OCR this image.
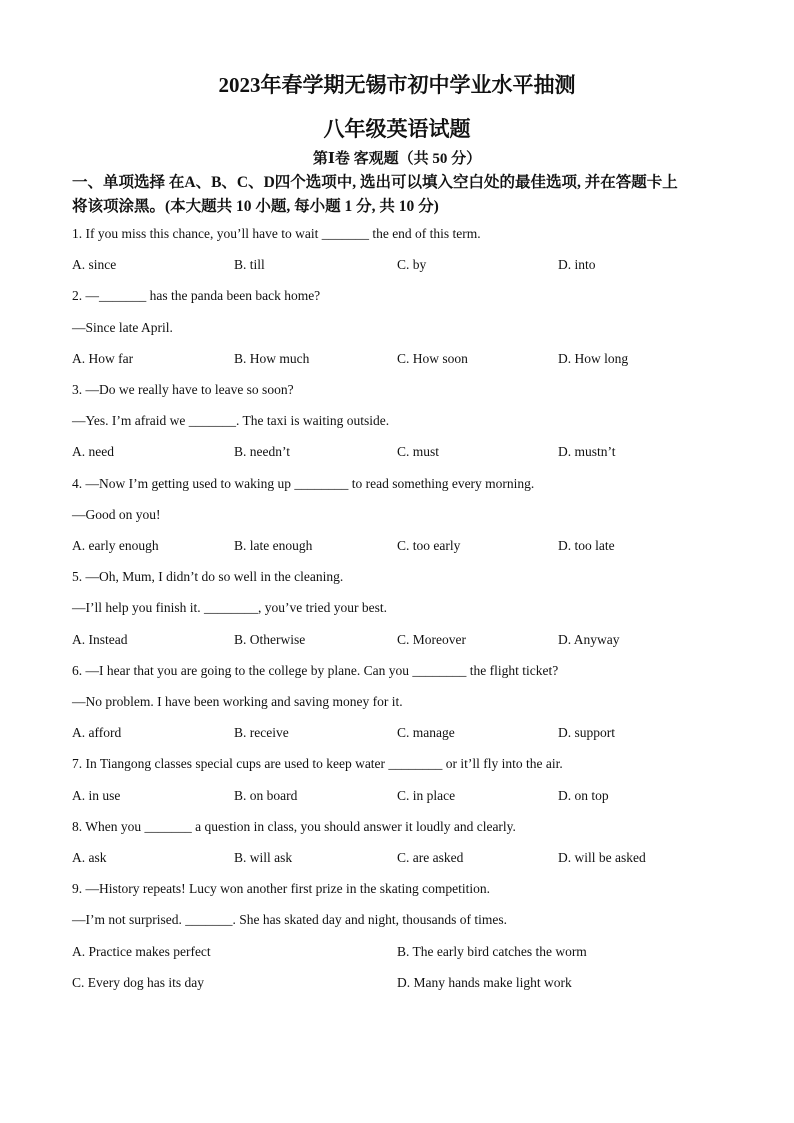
2023年春学期无锡市初中学业水平抽测
八年级英语试题
第Ⅰ卷 客观题（共 50 分）
一、单项选择 在A、B、C、D四个选项中, 选出可以填入空白处的最佳选项, 并在答题卡上
将该项涂黑。(本大题共 10 小题, 每小题 1 分, 共 10 分)
1. If you miss this chance, you’ll have to wait _______ the end of this term.
A. since	B. till	C. by	D. into
2. —_______ has the panda been back home?
—Since late April.
A. How far	B. How much	C. How soon	D. How long
3. —Do we really have to leave so soon?
—Yes. I’m afraid we _______. The taxi is waiting outside.
A. need	B. needn’t	C. must	D. mustn’t
4. —Now I’m getting used to waking up ________ to read something every morning.
—Good on you!
A. early enough	B. late enough	C. too early	D. too late
5. —Oh, Mum, I didn’t do so well in the cleaning.
—I’ll help you finish it. ________, you’ve tried your best.
A. Instead	B. Otherwise	C. Moreover	D. Anyway
6. —I hear that you are going to the college by plane. Can you ________ the flight ticket?
—No problem. I have been working and saving money for it.
A. afford	B. receive	C. manage	D. support
7. In Tiangong classes special cups are used to keep water ________ or it’ll fly into the air.
A. in use	B. on board	C. in place	D. on top
8. When you _______ a question in class, you should answer it loudly and clearly.
A. ask	B. will ask	C. are asked	D. will be asked
9. —History repeats! Lucy won another first prize in the skating competition.
—I’m not surprised. _______. She has skated day and night, thousands of times.
A. Practice makes perfect	B. The early bird catches the worm
C. Every dog has its day	D. Many hands make light work
